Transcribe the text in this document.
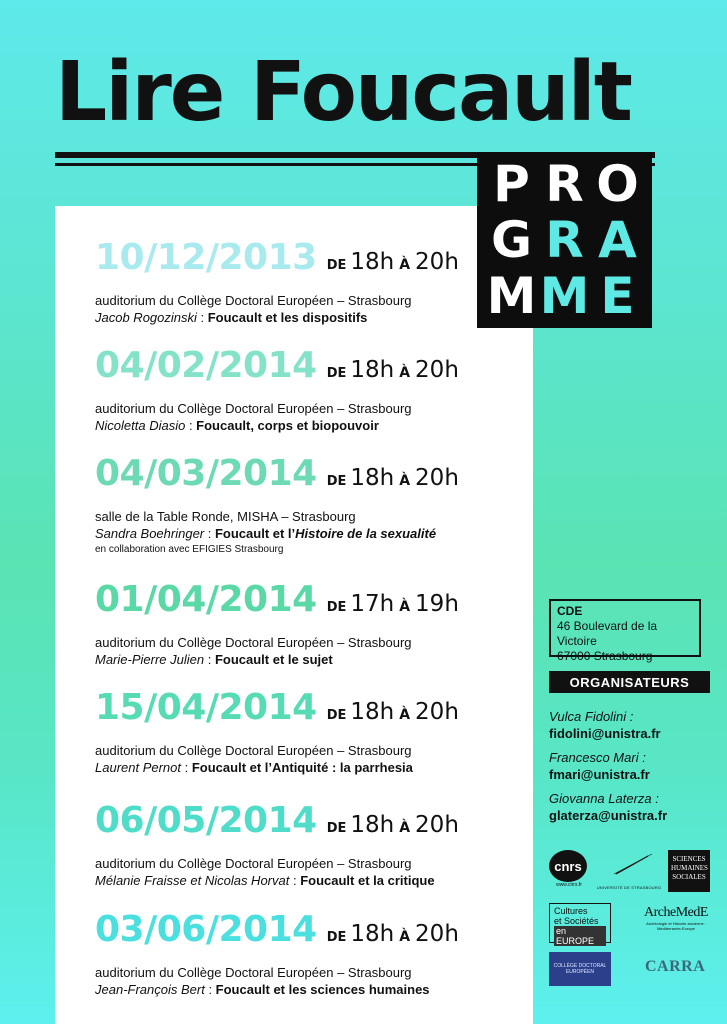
Lire Foucault
P R O
G R A
M M E
10/12/2013 DE 18h À 20h
auditorium du Collège Doctoral Européen – Strasbourg
Jacob Rogozinski : Foucault et les dispositifs
04/02/2014 DE 18h À 20h
auditorium du Collège Doctoral Européen – Strasbourg
Nicoletta Diasio : Foucault, corps et biopouvoir
04/03/2014 DE 18h À 20h
salle de la Table Ronde, MISHA – Strasbourg
Sandra Boehringer : Foucault et l’Histoire de la sexualité
en collaboration avec EFIGIES Strasbourg
01/04/2014 DE 17h À 19h
auditorium du Collège Doctoral Européen – Strasbourg
Marie-Pierre Julien : Foucault et le sujet
15/04/2014 DE 18h À 20h
auditorium du Collège Doctoral Européen – Strasbourg
Laurent Pernot : Foucault et l’Antiquité : la parrhesia
06/05/2014 DE 18h À 20h
auditorium du Collège Doctoral Européen – Strasbourg
Mélanie Fraisse et Nicolas Horvat : Foucault et la critique
03/06/2014 DE 18h À 20h
auditorium du Collège Doctoral Européen – Strasbourg
Jean-François Bert : Foucault et les sciences humaines
CDE
46 Boulevard de la Victoire
67000 Strasbourg
ORGANISATEURS
Vulca Fidolini :
fidolini@unistra.fr
Francesco Mari :
fmari@unistra.fr
Giovanna Laterza :
glaterza@unistra.fr
cnrs
www.cnrs.fr	UNIVERSITÉ DE STRASBOURG
SCIENCES
HUMAINES
SOCIALES
Cultures
et Sociétés
en EUROPE
ArcheMedE
Archéologie et Histoire ancienne : Méditerranée-Europe
COLLÈGE DOCTORAL EUROPÉEN	CARRA
